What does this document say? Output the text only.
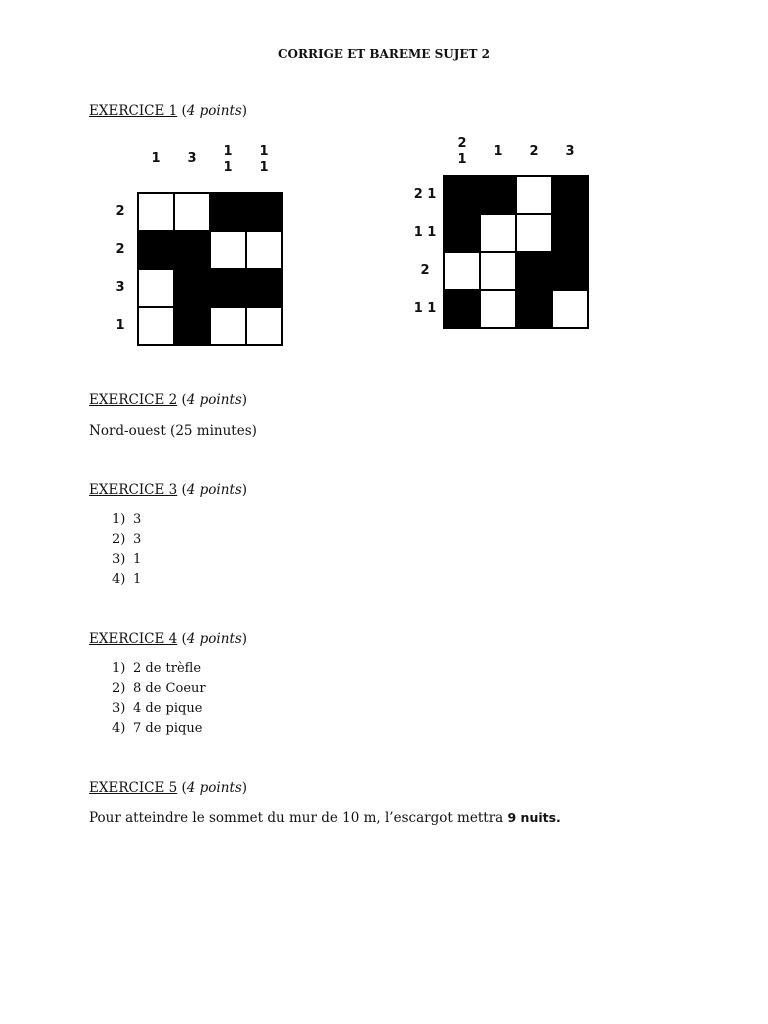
CORRIGE ET BAREME SUJET 2
EXERCICE 1 (4 points)
1	3	1
1
1
1
2
2
3
1
2
1
1	2	3
2 1
1 1
2
1 1
EXERCICE 2 (4 points)
Nord-ouest (25 minutes)
EXERCICE 3 (4 points)
1) 3
2) 3
3) 1
4) 1
EXERCICE 4 (4 points)
1) 2 de trèfle
2) 8 de Coeur
3) 4 de pique
4) 7 de pique
EXERCICE 5 (4 points)
Pour atteindre le sommet du mur de 10 m, l’escargot mettra 9 nuits.
